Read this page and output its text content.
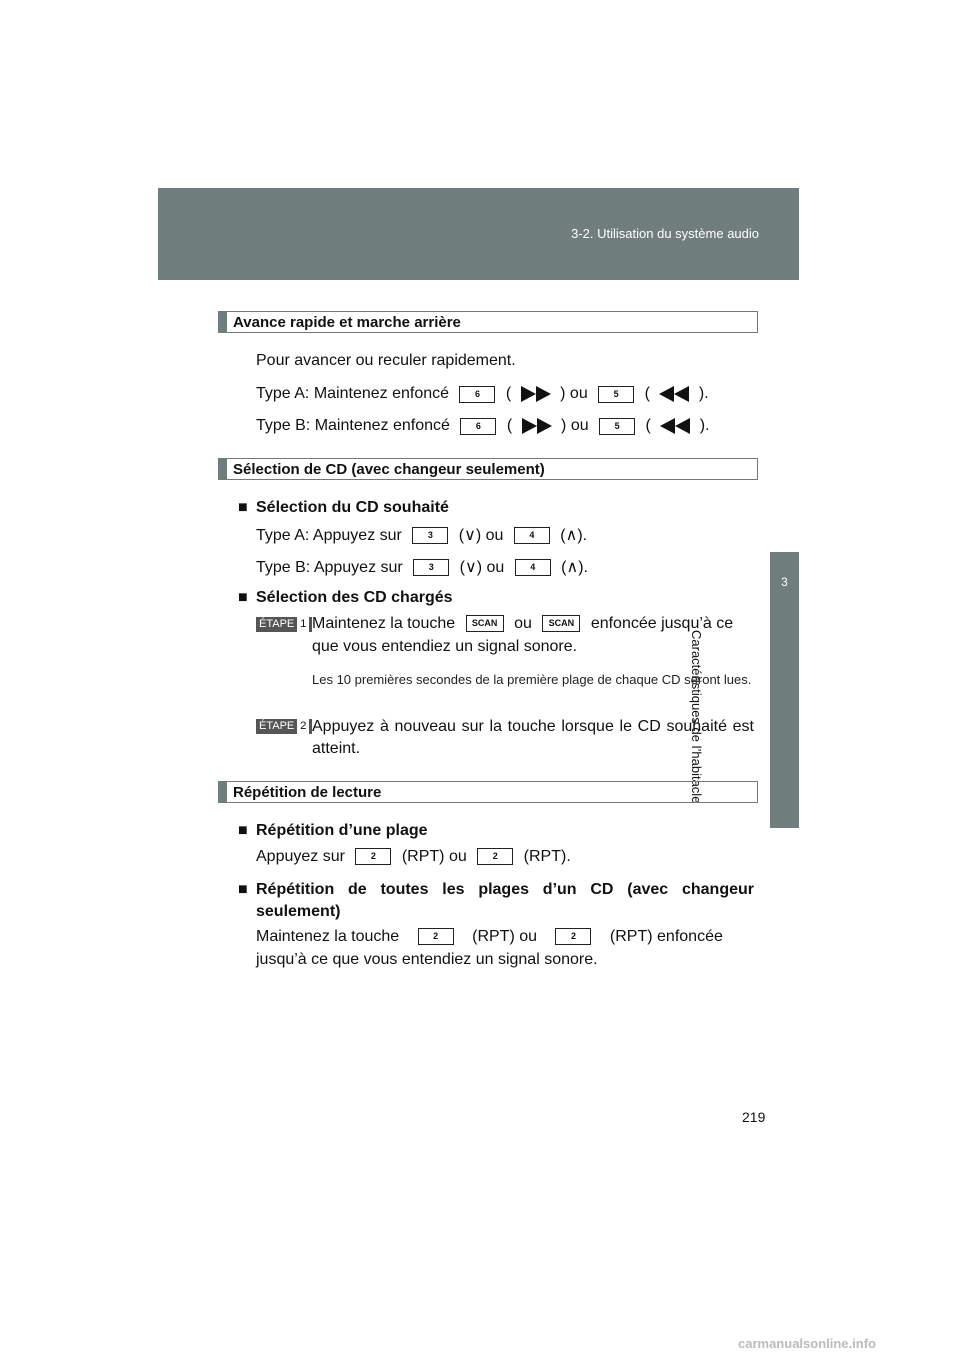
3-2. Utilisation du système audio
3
Caractéristiques de l’habitacle
Avance rapide et marche arrière
Pour avancer ou reculer rapidement.
Type A: Maintenez enfoncé	6 (	) ou	5 (	).
Type B: Maintenez enfoncé	6 (	) ou	5 (	).
Sélection de CD (avec changeur seulement)
■ Sélection du CD souhaité
Type A: Appuyez sur	3 (∨) ou	4 (∧).
Type B: Appuyez sur	3 (∨) ou	4 (∧).
■ Sélection des CD chargés
ÉTAPE 1 Maintenez la touche SCAN ou SCAN enfoncée jusqu’à ce
que vous entendiez un signal sonore.
Les 10 premières secondes de la première plage de chaque CD seront lues.
ÉTAPE 2 Appuyez à nouveau sur la touche lorsque le CD souhaité est atteint.
Répétition de lecture
■ Répétition d’une plage
Appuyez sur	2 (RPT) ou	2 (RPT).
■ Répétition de toutes les plages d’un CD (avec changeur seulement)
Maintenez la touche	2 (RPT) ou	2 (RPT) enfoncée
jusqu’à ce que vous entendiez un signal sonore.
219
carmanualsonline.info
